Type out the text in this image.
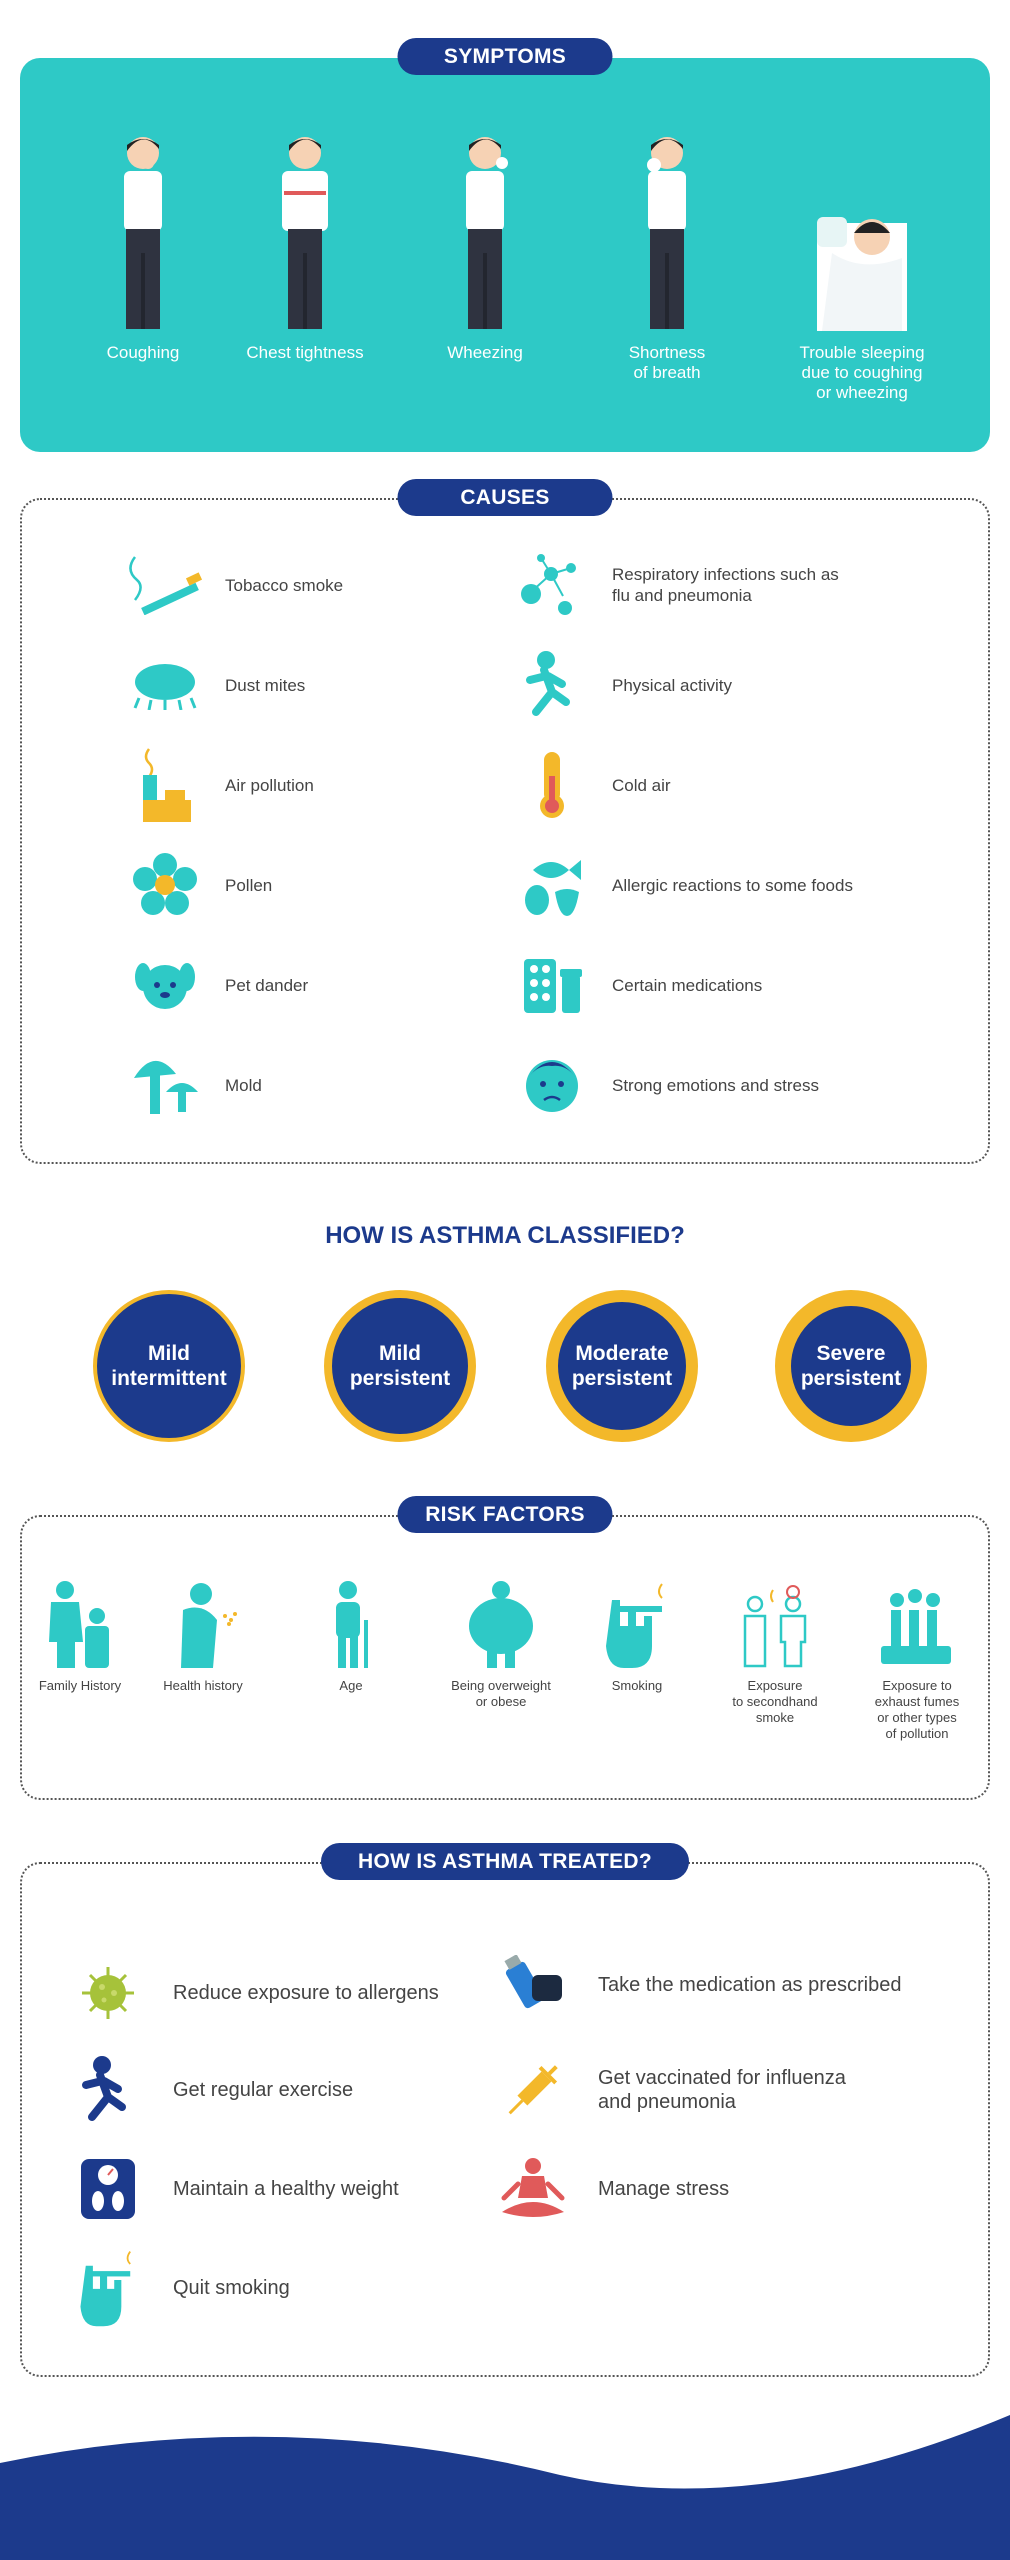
SYMPTOMS
Coughing	Chest tightness	Wheezing	Shortness
of breath
Trouble sleeping
due to coughing
or wheezing
CAUSES
Tobacco smoke
Dust mites
Air pollution
Pollen
Pet dander
Mold
Respiratory infections such as
flu and pneumonia
Physical activity
Cold air
Allergic reactions to some foods
Certain medications
Strong emotions and stress
HOW IS ASTHMA CLASSIFIED?
Mild
intermittent
Mild
persistent
Moderate
persistent
Severe
persistent
RISK FACTORS
Family History	Health history	Age	Being overweight
or obese
Smoking	Exposure
to secondhand
smoke
Exposure to
exhaust fumes
or other types
of pollution
HOW IS ASTHMA TREATED?
Reduce exposure to allergens
Get regular exercise
Maintain a healthy weight
Quit smoking
Take the medication as prescribed
Get vaccinated for influenza
and pneumonia
Manage stress
